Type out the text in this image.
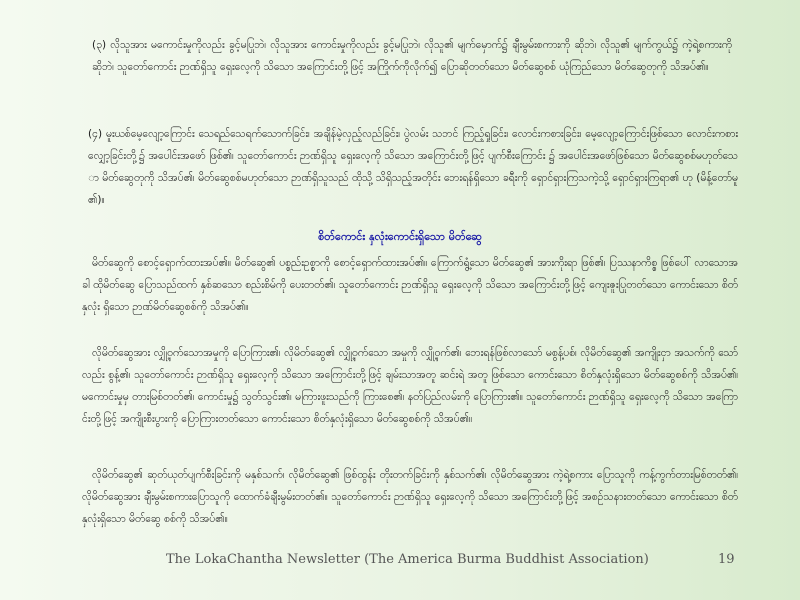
(၃) လိုသူအား မကောင်းမှုကိုလည်း ခွင့်မပြုဘဲ၊ လိုသူအား ကောင်းမှုကိုလည်း ခွင့်မပြုဘဲ၊ လိုသူ၏ မျက်မှောက်၌ ချီးမွမ်းစကားကို ဆိုဘဲ၊ လိုသူ၏ မျက်ကွယ်၌ ကဲ့ရဲ့စကားကို ဆိုဘဲ၊ သူတော်ကောင်း ဉာဏ်ရှိသူ ရှေးလေ့ကို သိသော အကြောင်းတို့ဖြင့် အကြိုက်ကိုလိုက်၍ ပြောဆိုတတ်သော မိတ်ဆွေစစ် ယုံကြည်သော မိတ်ဆွေတုကို သိအပ်၏။
(၄) မူးယစ်မေ့လျော့ကြောင်း သေရည်သေရက်သောက်ခြင်း၊ အချိန်မဲ့လှည့်လည်ခြင်း၊ ပွဲလမ်း သဘင် ကြည့်ရှုခြင်း၊ လောင်းကစားခြင်း၊ မေ့လျော့ကြောင်းဖြစ်သော လောင်းကစားလျှော့ခြင်းတို့၌ အပေါင်းအဖော် ဖြစ်၏၊ သူတော်ကောင်း ဉာဏ်ရှိသူ ရှေးလေ့ကို သိသော အကြောင်းတို့ဖြင့် ပျက်စီးကြောင်း ၌ အပေါင်းအဖော်ဖြစ်သော မိတ်ဆွေစစ်မဟုတ်သော မိတ်ဆွေတုကို သိအပ်၏၊ မိတ်ဆွေစစ်မဟုတ်သော ဉာဏ်ရှိသူသည် ထိုသို့ သိရှိသည့်အတိုင်း ဘေးရန်ရှိသော ခရီးကို ရှောင်ရှားကြသကဲ့သို့ ရှောင်ရှားကြရာ၏ ဟု (မိန့်တော်မူ၏)။
စိတ်ကောင်း နှလုံးကောင်းရှိသော မိတ်ဆွေ
မိတ်ဆွေကို စောင့်ရှောက်ထားအပ်၏။ မိတ်ဆွေ၏ ပစ္စည်းဥစ္စာကို စောင့်ရှောက်ထားအပ်၏။ ကြောက်ရွံ့သော မိတ်ဆွေ၏ အားကိုးရာ ဖြစ်၏၊ ပြဿနာကိစ္စ ဖြစ်ပေါ် လာသောအခါ ထိုမိတ်ဆွေ ပြောသည်ထက် နှစ်ဆသော စည်းစိမ်ကို ပေးတတ်၏၊ သူတော်ကောင်း ဉာဏ်ရှိသူ ရှေးလေ့ကို သိသော အကြောင်းတို့ဖြင့် ကျေးဇူးပြုတတ်သော ကောင်းသော စိတ်နှလုံး ရှိသော ဉာဏ်မိတ်ဆွေစစ်ကို သိအပ်၏။
လိုမိတ်ဆွေအား လျှို့ဝှက်သောအမှုကို ပြောကြား၏၊ လိုမိတ်ဆွေ၏ လျှို့ဝှက်သော အမှုကို လျှို့ဝှက်၏၊ ဘေးရန်ဖြစ်လာသော် မစွန့်ပစ်၊ လိုမိတ်ဆွေ၏ အကျိုးငှာ အသက်ကို သော်လည်း စွန့်၏၊ သူတော်ကောင်း ဉာဏ်ရှိသူ ရှေးလေ့ကို သိသော အကြောင်းတို့ဖြင့် ချမ်းသာအတူ ဆင်းရဲ အတူ ဖြစ်သော ကောင်းသော စိတ်နှလုံးရှိသော မိတ်ဆွေစစ်ကို သိအပ်၏၊ မကောင်းမှုမှ တားမြစ်တတ်၏၊ ကောင်းမှု၌ သွတ်သွင်း၏၊ မကြားဖူးသည်ကို ကြားစေ၏၊ နတ်ပြည်လမ်းကို ပြောကြား၏။ သူတော်ကောင်း ဉာဏ်ရှိသူ ရှေးလေ့ကို သိသော အကြောင်းတို့ဖြင့် အကျိုးစီးပွားကို ပြောကြားတတ်သော ကောင်းသော စိတ်နှလုံးရှိသော မိတ်ဆွေစစ်ကို သိအပ်၏။
လိုမိတ်ဆွေ၏ ဆုတ်ယုတ်ပျက်စီးခြင်းကို မနှစ်သက်၊ လိုမိတ်ဆွေ၏ ဖြစ်ထွန်း တိုးတက်ခြင်းကို နှစ်သက်၏၊ လိုမိတ်ဆွေအား ကဲ့ရဲ့စကား ပြောသူကို ကန့်ကွက်တားမြစ်တတ်၏၊ လိုမိတ်ဆွေအား ချီးမွမ်းစကားပြောသူကို ထောက်ခံချီးမွမ်းတတ်၏။ သူတော်ကောင်း ဉာဏ်ရှိသူ ရှေးလေ့ကို သိသော အကြောင်းတို့ဖြင့် အစဉ်သနားတတ်သော ကောင်းသော စိတ်နှလုံးရှိသော မိတ်ဆွေ စစ်ကို သိအပ်၏။
The LokaChantha Newsletter (The America Burma Buddhist Association)	19
